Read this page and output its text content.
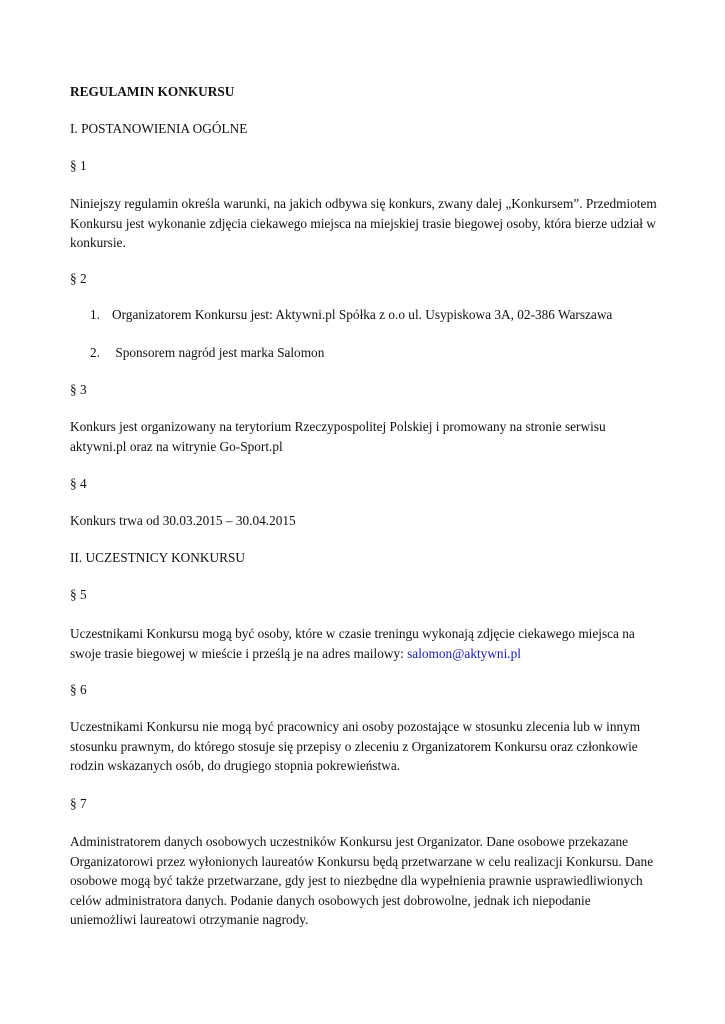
REGULAMIN KONKURSU

I. POSTANOWIENIA OGÓLNE

§ 1

Niniejszy regulamin określa warunki, na jakich odbywa się konkurs, zwany dalej „Konkursem”. Przedmiotem Konkursu jest wykonanie zdjęcia ciekawego miejsca na miejskiej trasie biegowej osoby, która bierze udział w konkursie.

§ 2

1. Organizatorem Konkursu jest: Aktywni.pl Spółka z o.o ul. Usypiskowa 3A, 02-386 Warszawa

2. Sponsorem nagród jest marka Salomon

§ 3

Konkurs jest organizowany na terytorium Rzeczypospolitej Polskiej i promowany na stronie serwisu aktywni.pl oraz na witrynie Go-Sport.pl

§ 4

Konkurs trwa od 30.03.2015 – 30.04.2015

II. UCZESTNICY KONKURSU

§ 5

Uczestnikami Konkursu mogą być osoby, które w czasie treningu wykonają zdjęcie ciekawego miejsca na swoje trasie biegowej w mieście i prześlą je na adres mailowy: salomon@aktywni.pl

§ 6

Uczestnikami Konkursu nie mogą być pracownicy ani osoby pozostające w stosunku zlecenia lub w innym stosunku prawnym, do którego stosuje się przepisy o zleceniu z Organizatorem Konkursu oraz członkowie rodzin wskazanych osób, do drugiego stopnia pokrewieństwa.

§ 7

Administratorem danych osobowych uczestników Konkursu jest Organizator. Dane osobowe przekazane Organizatorowi przez wyłonionych laureatów Konkursu będą przetwarzane w celu realizacji Konkursu. Dane osobowe mogą być także przetwarzane, gdy jest to niezbędne dla wypełnienia prawnie usprawiedliwionych celów administratora danych. Podanie danych osobowych jest dobrowolne, jednak ich niepodanie uniemożliwi laureatowi otrzymanie nagrody.
